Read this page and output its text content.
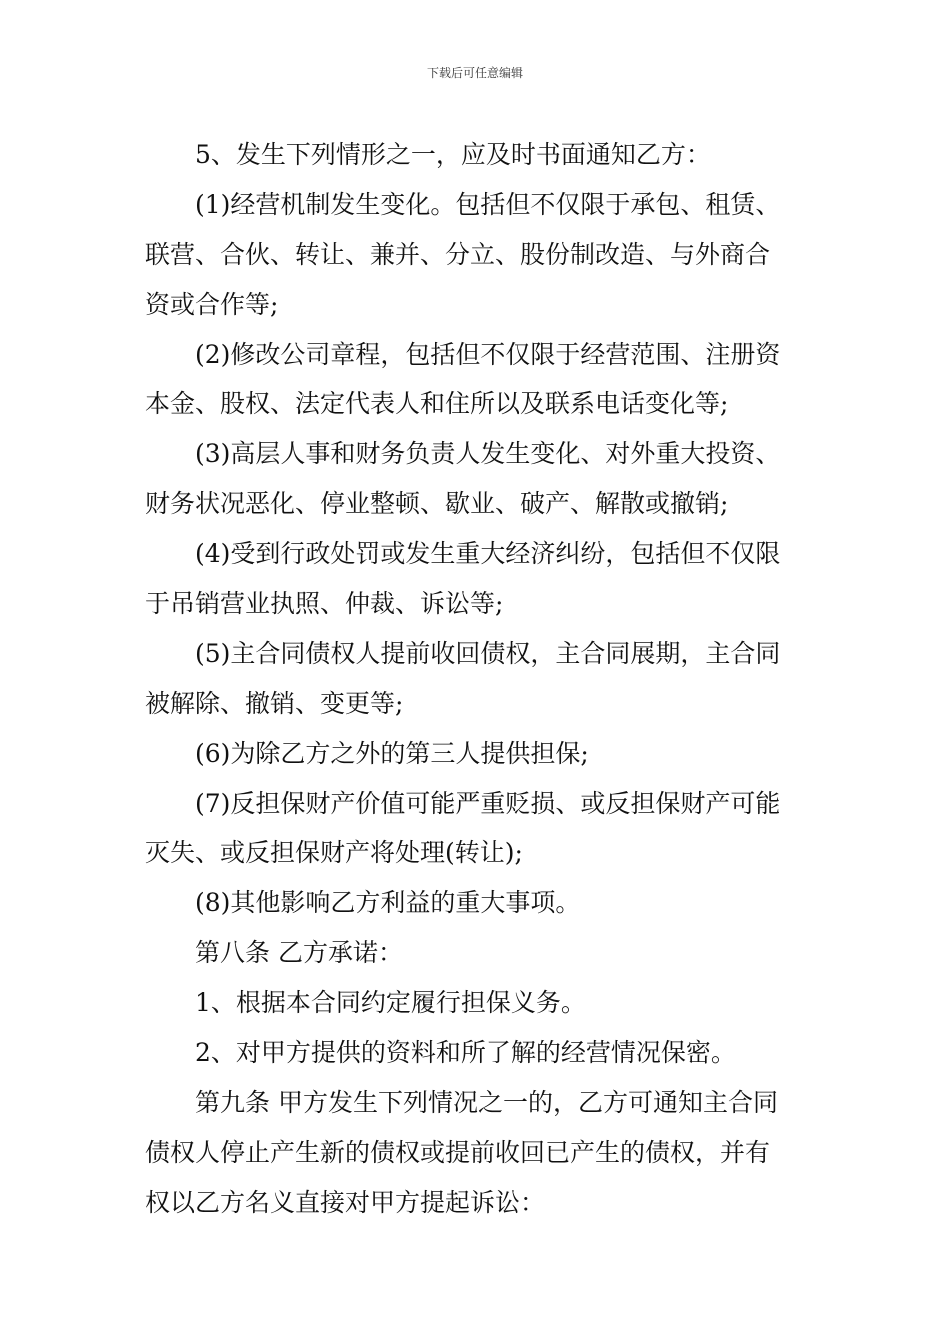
下载后可任意编辑
5、发生下列情形之一，应及时书面通知乙方：
(1)经营机制发生变化。包括但不仅限于承包、租赁、
联营、合伙、转让、兼并、分立、股份制改造、与外商合
资或合作等;
(2)修改公司章程，包括但不仅限于经营范围、注册资
本金、股权、法定代表人和住所以及联系电话变化等;
(3)高层人事和财务负责人发生变化、对外重大投资、
财务状况恶化、停业整顿、歇业、破产、解散或撤销;
(4)受到行政处罚或发生重大经济纠纷，包括但不仅限
于吊销营业执照、仲裁、诉讼等;
(5)主合同债权人提前收回债权，主合同展期，主合同
被解除、撤销、变更等;
(6)为除乙方之外的第三人提供担保;
(7)反担保财产价值可能严重贬损、或反担保财产可能
灭失、或反担保财产将处理(转让);
(8)其他影响乙方利益的重大事项。
第八条 乙方承诺：
1、根据本合同约定履行担保义务。
2、对甲方提供的资料和所了解的经营情况保密。
第九条 甲方发生下列情况之一的，乙方可通知主合同
债权人停止产生新的债权或提前收回已产生的债权，并有
权以乙方名义直接对甲方提起诉讼：
